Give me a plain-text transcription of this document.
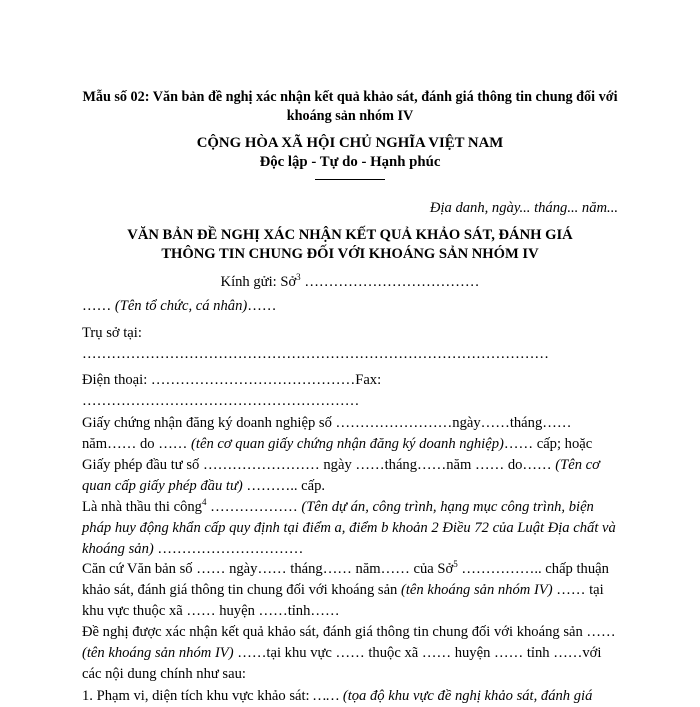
Mẫu số 02: Văn bản đề nghị xác nhận kết quả khảo sát, đánh giá thông tin chung đối với khoáng sản nhóm IV
CỘNG HÒA XÃ HỘI CHỦ NGHĨA VIỆT NAM
Độc lập - Tự do - Hạnh phúc
Địa danh, ngày... tháng... năm...
VĂN BẢN ĐỀ NGHỊ XÁC NHẬN KẾT QUẢ KHẢO SÁT, ĐÁNH GIÁ
THÔNG TIN CHUNG ĐỐI VỚI KHOÁNG SẢN NHÓM IV
Kính gửi: Sở$^3$ ………………………………
…… (Tên tổ chức, cá nhân)……
Trụ sở tại:
……………………………………………………………………………………
Điện thoại: ……………………………………Fax:
…………………………………………………
Giấy chứng nhận đăng ký doanh nghiệp số ……………………ngày……tháng…… năm…… do …… (tên cơ quan giấy chứng nhận đăng ký doanh nghiệp)…… cấp; hoặc Giấy phép đầu tư số …………………… ngày ……tháng……năm …… do…… (Tên cơ quan cấp giấy phép đầu tư) ……….. cấp.
Là nhà thầu thi công$^4$ ……………… (Tên dự án, công trình, hạng mục công trình, biện pháp huy động khẩn cấp quy định tại điểm a, điểm b khoản 2 Điều 72 của Luật Địa chất và khoáng sản) …………………………
Căn cứ Văn bản số …… ngày…… tháng…… năm…… của Sở$^5$ …………….. chấp thuận khảo sát, đánh giá thông tin chung đối với khoáng sản (tên khoáng sản nhóm IV) …… tại khu vực thuộc xã …… huyện ……tỉnh……
Đề nghị được xác nhận kết quả khảo sát, đánh giá thông tin chung đối với khoáng sản …… (tên khoáng sản nhóm IV) ……tại khu vực …… thuộc xã …… huyện …… tỉnh ……với các nội dung chính như sau:
1. Phạm vi, diện tích khu vực khảo sát: …… (tọa độ khu vực đề nghị khảo sát, đánh giá
